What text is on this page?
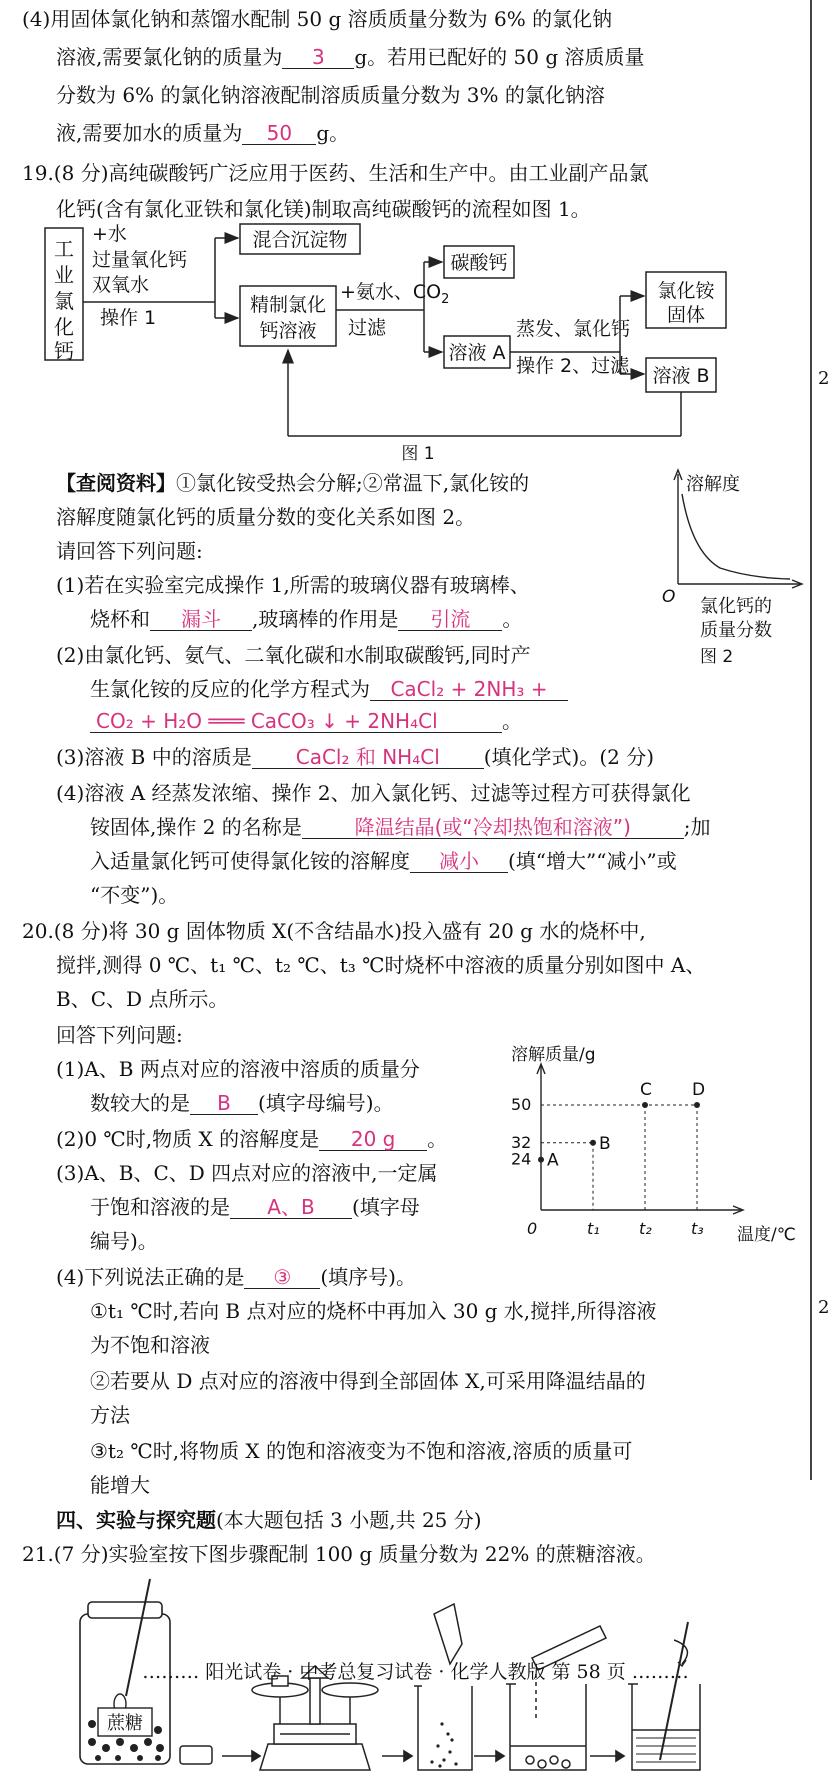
2
2
(4)用固体氯化钠和蒸馏水配制 50 g 溶质质量分数为 6% 的氯化钠
溶液,需要氯化钠的质量为 3 g。若用已配好的 50 g 溶质质量
分数为 6% 的氯化钠溶液配制溶质质量分数为 3% 的氯化钠溶
液,需要加水的质量为 50 g。
19.(8 分)高纯碳酸钙广泛应用于医药、生活和生产中。由工业副产品氯
化钙(含有氯化亚铁和氯化镁)制取高纯碳酸钙的流程如图 1。
工
业
氯
化
钙
+水
过量氧化钙
双氧水
操作 1
混合沉淀物
精制氯化
钙溶液
+氨水、$CO_2$
过滤
碳酸钙
溶液 A
蒸发、氯化钙
操作 2、过滤
氯化铵
固体
溶液 B
图 1
【查阅资料】①氯化铵受热会分解;②常温下,氯化铵的
溶解度随氯化钙的质量分数的变化关系如图 2。
请回答下列问题:
溶解度
O 氯化钙的
质量分数
图 2
(1)若在实验室完成操作 1,所需的玻璃仪器有玻璃棒、
烧杯和 漏斗 ,玻璃棒的作用是 引流 。
(2)由氯化钙、氨气、二氧化碳和水制取碳酸钙,同时产
生氯化铵的反应的化学方程式为 CaCl₂ + 2NH₃ +
CO₂ + H₂O ═══ CaCO₃ ↓ + 2NH₄Cl	。
(3)溶液 B 中的溶质是 CaCl₂ 和 NH₄Cl (填化学式)。(2 分)
(4)溶液 A 经蒸发浓缩、操作 2、加入氯化钙、过滤等过程方可获得氯化
铵固体,操作 2 的名称是	降温结晶(或“冷却热饱和溶液”)	;加
入适量氯化钙可使得氯化铵的溶解度 减小 (填“增大”“减小”或
“不变”)。
20.(8 分)将 30 g 固体物质 X(不含结晶水)投入盛有 20 g 水的烧杯中,
搅拌,测得 0 ℃、t₁ ℃、t₂ ℃、t₃ ℃时烧杯中溶液的质量分别如图中 A、
B、C、D 点所示。
回答下列问题:
(1)A、B 两点对应的溶液中溶质的质量分
数较大的是 B (填字母编号)。
(2)0 ℃时,物质 X 的溶解度是 20 g 。
(3)A、B、C、D 四点对应的溶液中,一定属
于饱和溶液的是 A、B (填字母
编号)。
(4)下列说法正确的是 ③ (填序号)。
①t₁ ℃时,若向 B 点对应的烧杯中再加入 30 g 水,搅拌,所得溶液
为不饱和溶液
②若要从 D 点对应的溶液中得到全部固体 X,可采用降温结晶的
方法
③t₂ ℃时,将物质 X 的饱和溶液变为不饱和溶液,溶质的质量可
能增大
溶解质量/g
温度/℃
0	t₁ t₂ t₃
24
32
50
A
B
C D
四、实验与探究题(本大题包括 3 小题,共 25 分)
21.(7 分)实验室按下图步骤配制 100 g 质量分数为 22% 的蔗糖溶液。
蔗糖
……… 阳光试卷 · 中考总复习试卷 · 化学人教版 第 58 页 ………
